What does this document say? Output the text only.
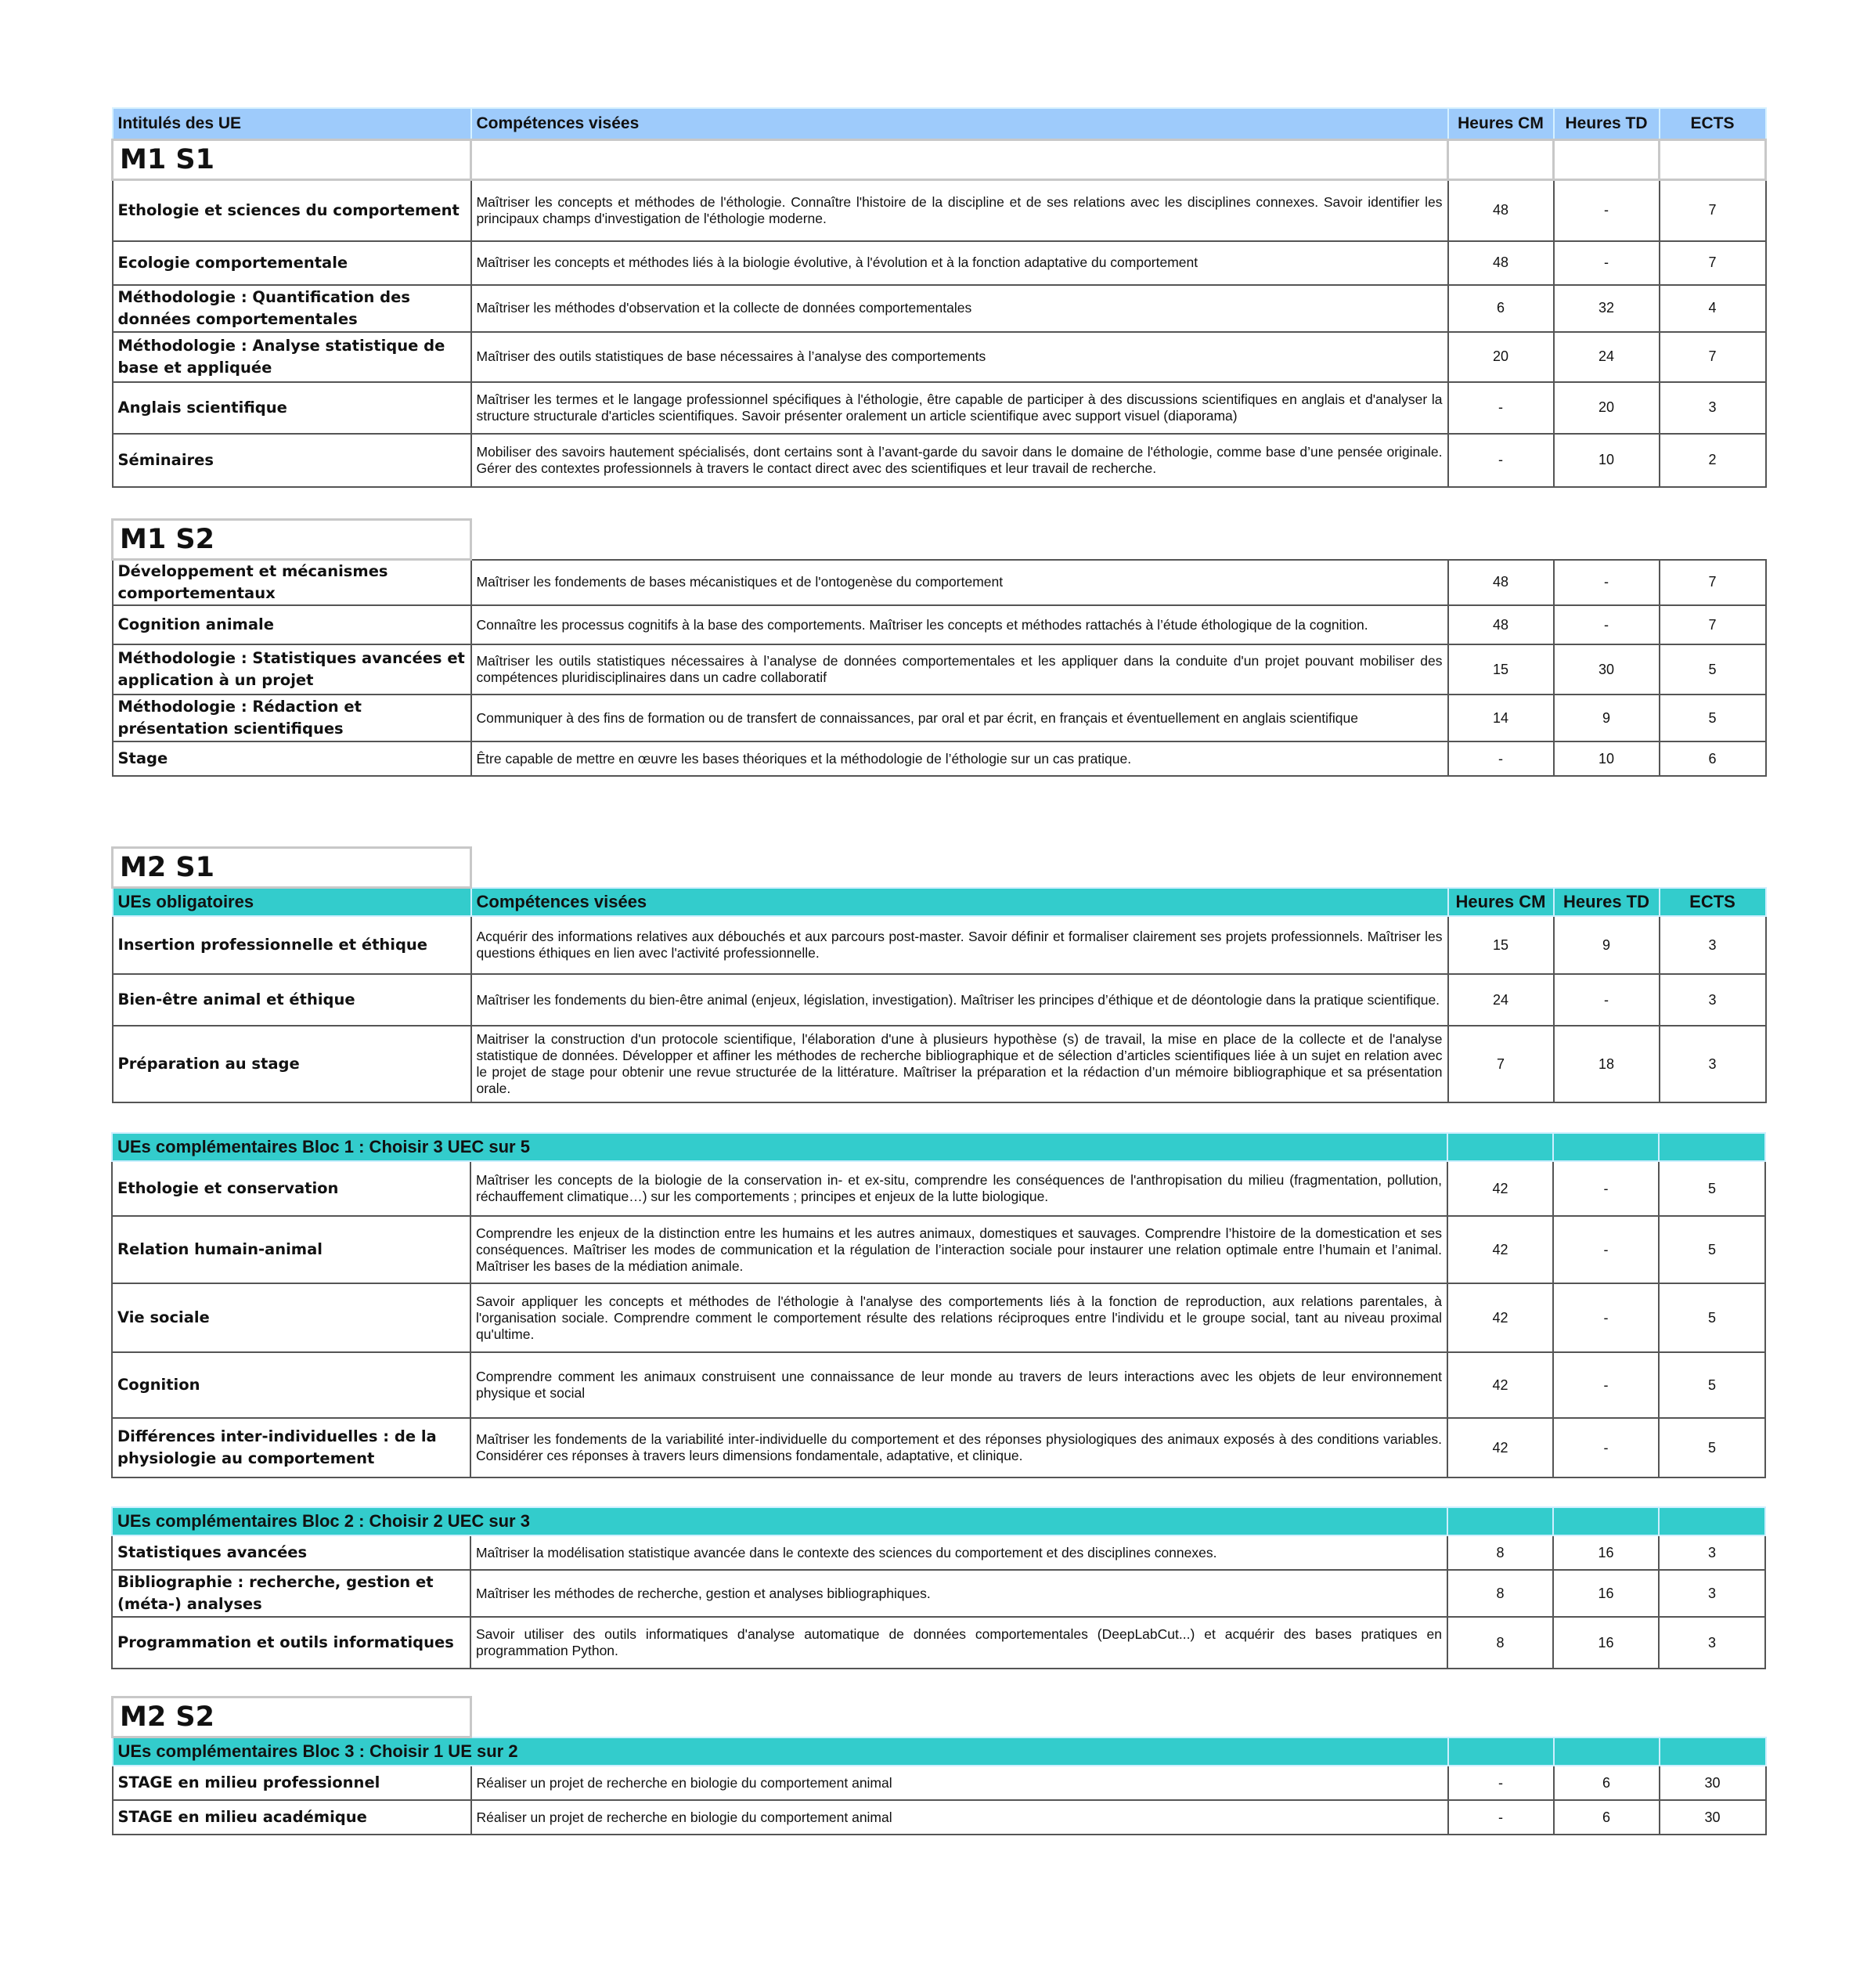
Intitulés des UE	Compétences visées	Heures CM	Heures TD	ECTS
M1 S1				
Ethologie et sciences du comportement	Maîtriser les concepts et méthodes de l'éthologie. Connaître l'histoire de la discipline et de ses relations avec les disciplines connexes. Savoir identifier les principaux champs d'investigation de l'éthologie moderne.	48	-	7
Ecologie comportementale	Maîtriser les concepts et méthodes liés à la biologie évolutive, à l'évolution et à la fonction adaptative du comportement	48	-	7
Méthodologie : Quantification des données comportementales	Maîtriser les méthodes d'observation et la collecte de données comportementales	6	32	4
Méthodologie : Analyse statistique de base et appliquée	Maîtriser des outils statistiques de base nécessaires à l’analyse des comportements	20	24	7
Anglais scientifique	Maîtriser les termes et le langage professionnel spécifiques à l'éthologie, être capable de participer à des discussions scientifiques en anglais et d'analyser la structure structurale d'articles scientifiques. Savoir présenter oralement un article scientifique avec support visuel (diaporama)	-	20	3
Séminaires	Mobiliser des savoirs hautement spécialisés, dont certains sont à l’avant-garde du savoir dans le domaine de l'éthologie, comme base d’une pensée originale. Gérer des contextes professionnels à travers le contact direct avec des scientifiques et leur travail de recherche.	-	10	2
M1 S2				
Développement et mécanismes comportementaux	Maîtriser les fondements de bases mécanistiques et de l'ontogenèse du comportement	48	-	7
Cognition animale	Connaître les processus cognitifs à la base des comportements. Maîtriser les concepts et méthodes rattachés à l’étude éthologique de la cognition.	48	-	7
Méthodologie : Statistiques avancées et application à un projet	Maîtriser les outils statistiques nécessaires à l’analyse de données comportementales et les appliquer dans la conduite d'un projet pouvant mobiliser des compétences pluridisciplinaires dans un cadre collaboratif	15	30	5
Méthodologie : Rédaction et présentation scientifiques	Communiquer à des fins de formation ou de transfert de connaissances, par oral et par écrit, en français et éventuellement en anglais scientifique	14	9	5
Stage	Être capable de mettre en œuvre les bases théoriques et la méthodologie de l’éthologie sur un cas pratique.	-	10	6
M2 S1				
UEs obligatoires	Compétences visées	Heures CM	Heures TD	ECTS
Insertion professionnelle et éthique	Acquérir des informations relatives aux débouchés et aux parcours post-master. Savoir définir et formaliser clairement ses projets professionnels. Maîtriser les questions éthiques en lien avec l'activité professionnelle.	15	9	3
Bien-être animal et éthique	Maîtriser les fondements du bien-être animal (enjeux, législation, investigation). Maîtriser les principes d’éthique et de déontologie dans la pratique scientifique.	24	-	3
Préparation au stage	Maitriser la construction d'un protocole scientifique, l'élaboration d'une à plusieurs hypothèse (s) de travail, la mise en place de la collecte et de l'analyse statistique de données. Développer et affiner les méthodes de recherche bibliographique et de sélection d’articles scientifiques liée à un sujet en relation avec le projet de stage pour obtenir une revue structurée de la littérature. Maîtriser la préparation et la rédaction d’un mémoire bibliographique et sa présentation orale.	7	18	3
UEs complémentaires Bloc 1 : Choisir 3 UEC sur 5				
Ethologie et conservation	Maîtriser les concepts de la biologie de la conservation in- et ex-situ, comprendre les conséquences de l'anthropisation du milieu (fragmentation, pollution, réchauffement climatique…) sur les comportements ; principes et enjeux de la lutte biologique.	42	-	5
Relation humain-animal	Comprendre les enjeux de la distinction entre les humains et les autres animaux, domestiques et sauvages. Comprendre l’histoire de la domestication et ses conséquences. Maîtriser les modes de communication et la régulation de l’interaction sociale pour instaurer une relation optimale entre l’humain et l’animal. Maîtriser les bases de la médiation animale.	42	-	5
Vie sociale	Savoir appliquer les concepts et méthodes de l'éthologie à l'analyse des comportements liés à la fonction de reproduction, aux relations parentales, à l'organisation sociale. Comprendre comment le comportement résulte des relations réciproques entre l'individu et le groupe social, tant au niveau proximal qu'ultime.	42	-	5
Cognition	Comprendre comment les animaux construisent une connaissance de leur monde au travers de leurs interactions avec les objets de leur environnement physique et social	42	-	5
Différences inter-individuelles : de la physiologie au comportement	Maîtriser les fondements de la variabilité inter-individuelle du comportement et des réponses physiologiques des animaux exposés à des conditions variables. Considérer ces réponses à travers leurs dimensions fondamentale, adaptative, et clinique.	42	-	5
UEs complémentaires Bloc 2 : Choisir 2 UEC sur 3				
Statistiques avancées	Maîtriser la modélisation statistique avancée dans le contexte des sciences du comportement et des disciplines connexes.	8	16	3
Bibliographie : recherche, gestion et (méta-) analyses	Maîtriser les méthodes de recherche, gestion et analyses bibliographiques.	8	16	3
Programmation et outils informatiques	Savoir utiliser des outils informatiques d'analyse automatique de données comportementales (DeepLabCut...) et acquérir des bases pratiques en programmation Python.	8	16	3
M2 S2				
UEs complémentaires Bloc 3 : Choisir 1 UE sur 2				
STAGE en milieu professionnel	Réaliser un projet de recherche en biologie du comportement animal	-	6	30
STAGE en milieu académique	Réaliser un projet de recherche en biologie du comportement animal	-	6	30
